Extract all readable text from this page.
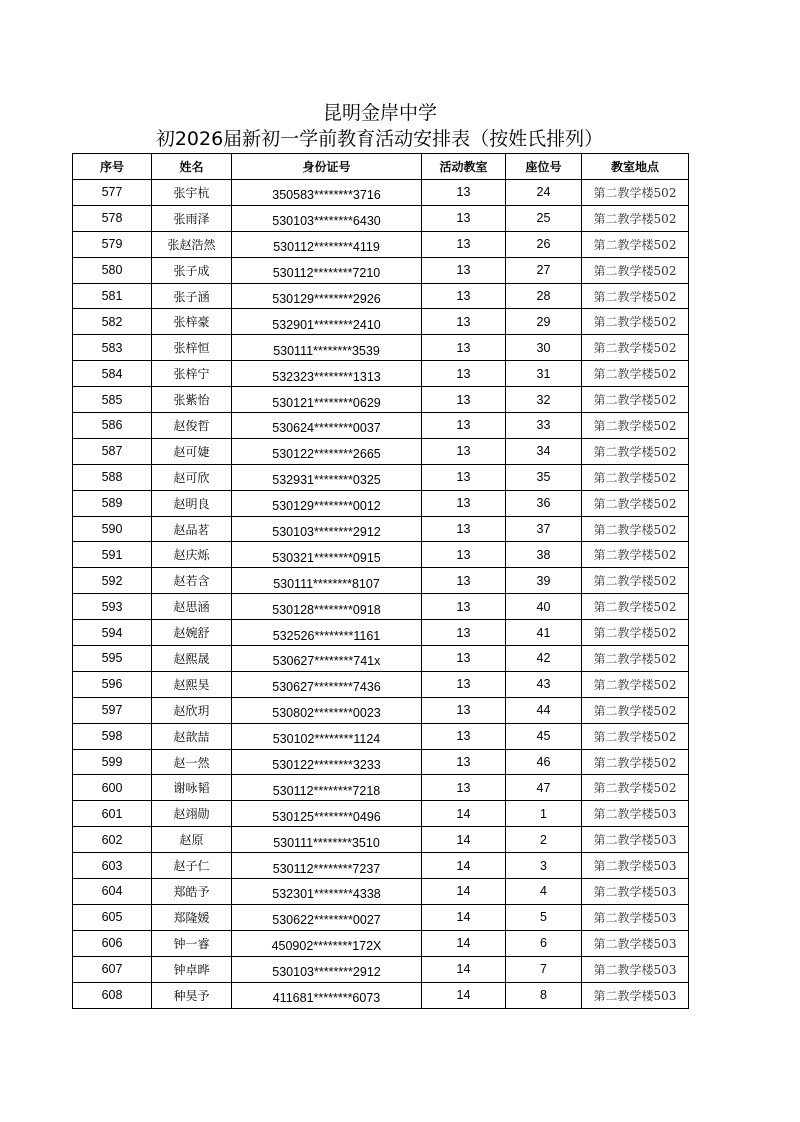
昆明金岸中学
初2026届新初一学前教育活动安排表（按姓氏排列）
序号	姓名	身份证号	活动教室	座位号	教室地点
577	张宇杭	350583********3716	13	24	第二教学楼502
578	张雨泽	530103********6430	13	25	第二教学楼502
579	张赵浩然	530112********4119	13	26	第二教学楼502
580	张子成	530112********7210	13	27	第二教学楼502
581	张子涵	530129********2926	13	28	第二教学楼502
582	张梓豪	532901********2410	13	29	第二教学楼502
583	张梓恒	530111********3539	13	30	第二教学楼502
584	张梓宁	532323********1313	13	31	第二教学楼502
585	张紫怡	530121********0629	13	32	第二教学楼502
586	赵俊哲	530624********0037	13	33	第二教学楼502
587	赵可婕	530122********2665	13	34	第二教学楼502
588	赵可欣	532931********0325	13	35	第二教学楼502
589	赵明良	530129********0012	13	36	第二教学楼502
590	赵品茗	530103********2912	13	37	第二教学楼502
591	赵庆烁	530321********0915	13	38	第二教学楼502
592	赵若含	530111********8107	13	39	第二教学楼502
593	赵思涵	530128********0918	13	40	第二教学楼502
594	赵婉舒	532526********1161	13	41	第二教学楼502
595	赵熙晟	530627********741x	13	42	第二教学楼502
596	赵熙昊	530627********7436	13	43	第二教学楼502
597	赵欣玥	530802********0023	13	44	第二教学楼502
598	赵歆喆	530102********1124	13	45	第二教学楼502
599	赵一然	530122********3233	13	46	第二教学楼502
600	谢咏韬	530112********7218	13	47	第二教学楼502
601	赵翊勋	530125********0496	14	1	第二教学楼503
602	赵原	530111********3510	14	2	第二教学楼503
603	赵子仁	530112********7237	14	3	第二教学楼503
604	郑皓予	532301********4338	14	4	第二教学楼503
605	郑隆媛	530622********0027	14	5	第二教学楼503
606	钟一睿	450902********172X	14	6	第二教学楼503
607	钟卓晔	530103********2912	14	7	第二教学楼503
608	种昊予	411681********6073	14	8	第二教学楼503
